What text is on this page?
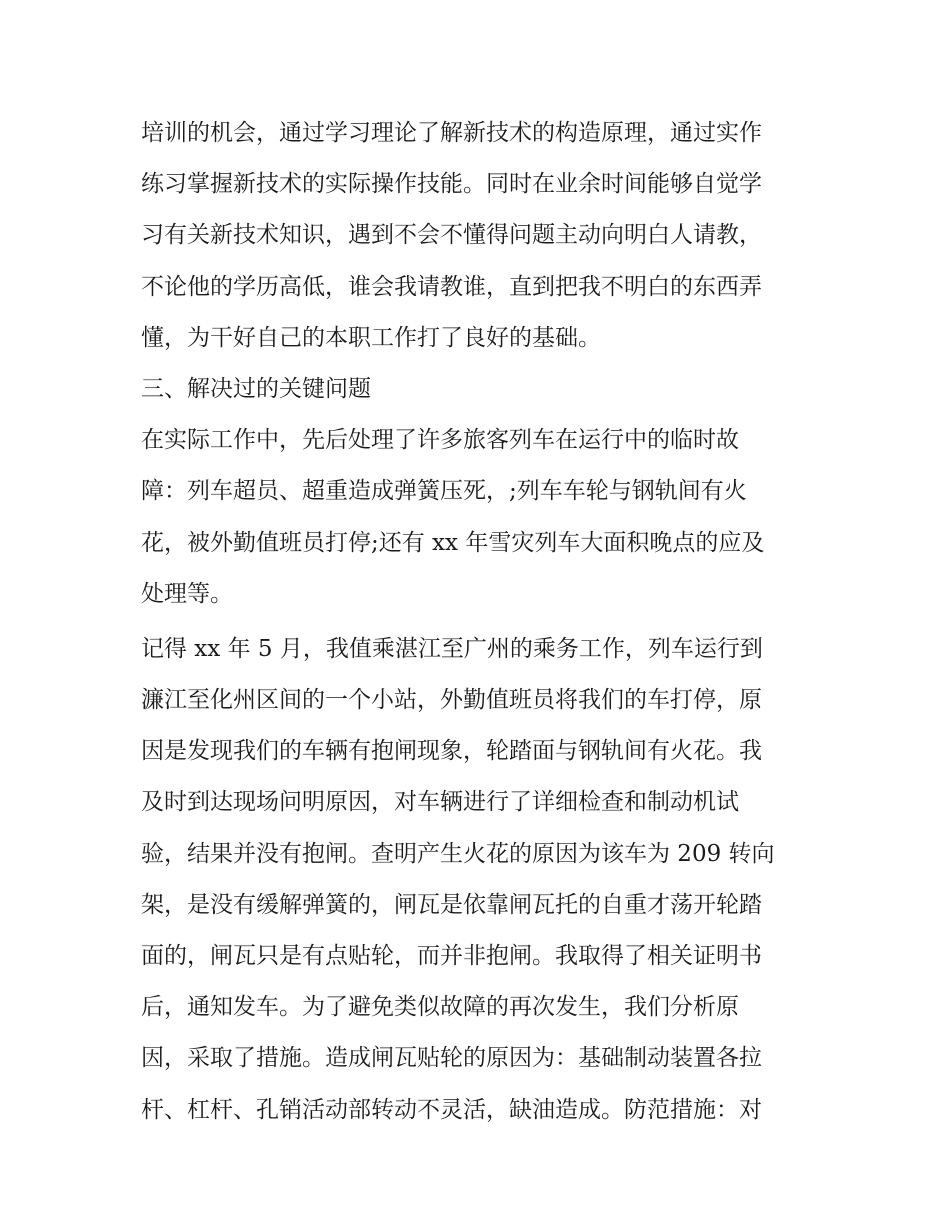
培训的机会，通过学习理论了解新技术的构造原理，通过实作
练习掌握新技术的实际操作技能。同时在业余时间能够自觉学
习有关新技术知识，遇到不会不懂得问题主动向明白人请教，
不论他的学历高低，谁会我请教谁，直到把我不明白的东西弄
懂，为干好自己的本职工作打了良好的基础。
三、解决过的关键问题
在实际工作中，先后处理了许多旅客列车在运行中的临时故
障：列车超员、超重造成弹簧压死，;列车车轮与钢轨间有火
花，被外勤值班员打停;还有 xx 年雪灾列车大面积晚点的应及
处理等。
记得 xx 年 5 月，我值乘湛江至广州的乘务工作，列车运行到
濂江至化州区间的一个小站，外勤值班员将我们的车打停，原
因是发现我们的车辆有抱闸现象，轮踏面与钢轨间有火花。我
及时到达现场问明原因，对车辆进行了详细检查和制动机试
验，结果并没有抱闸。查明产生火花的原因为该车为 209 转向
架，是没有缓解弹簧的，闸瓦是依靠闸瓦托的自重才荡开轮踏
面的，闸瓦只是有点贴轮，而并非抱闸。我取得了相关证明书
后，通知发车。为了避免类似故障的再次发生，我们分析原
因，采取了措施。造成闸瓦贴轮的原因为：基础制动装置各拉
杆、杠杆、孔销活动部转动不灵活，缺油造成。防范措施：对
